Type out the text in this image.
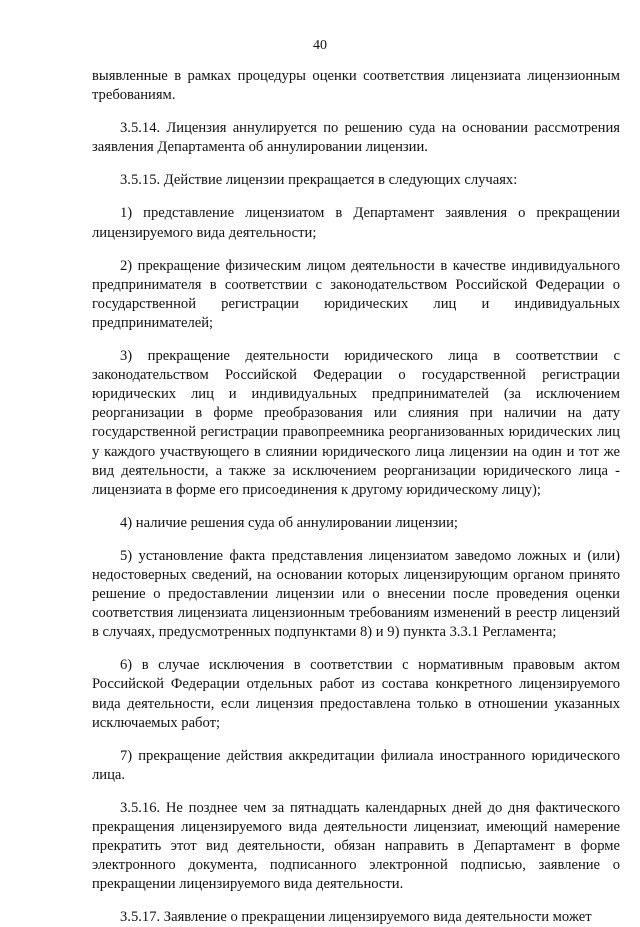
40

выявленные в рамках процедуры оценки соответствия лицензиата лицензионным требованиям.

3.5.14. Лицензия аннулируется по решению суда на основании рассмотрения заявления Департамента об аннулировании лицензии.

3.5.15. Действие лицензии прекращается в следующих случаях:

1) представление лицензиатом в Департамент заявления о прекращении лицензируемого вида деятельности;

2) прекращение физическим лицом деятельности в качестве индивидуального предпринимателя в соответствии с законодательством Российской Федерации о государственной регистрации юридических лиц и индивидуальных предпринимателей;

3) прекращение деятельности юридического лица в соответствии с законодательством Российской Федерации о государственной регистрации юридических лиц и индивидуальных предпринимателей (за исключением реорганизации в форме преобразования или слияния при наличии на дату государственной регистрации правопреемника реорганизованных юридических лиц у каждого участвующего в слиянии юридического лица лицензии на один и тот же вид деятельности, а также за исключением реорганизации юридического лица - лицензиата в форме его присоединения к другому юридическому лицу);

4) наличие решения суда об аннулировании лицензии;

5) установление факта представления лицензиатом заведомо ложных и (или) недостоверных сведений, на основании которых лицензирующим органом принято решение о предоставлении лицензии или о внесении после проведения оценки соответствия лицензиата лицензионным требованиям изменений в реестр лицензий в случаях, предусмотренных подпунктами 8) и 9) пункта 3.3.1 Регламента;

6) в случае исключения в соответствии с нормативным правовым актом Российской Федерации отдельных работ из состава конкретного лицензируемого вида деятельности, если лицензия предоставлена только в отношении указанных исключаемых работ;

7) прекращение действия аккредитации филиала иностранного юридического лица.

3.5.16. Не позднее чем за пятнадцать календарных дней до дня фактического прекращения лицензируемого вида деятельности лицензиат, имеющий намерение прекратить этот вид деятельности, обязан направить в Департамент в форме электронного документа, подписанного электронной подписью, заявление о прекращении лицензируемого вида деятельности.

3.5.17. Заявление о прекращении лицензируемого вида деятельности может
